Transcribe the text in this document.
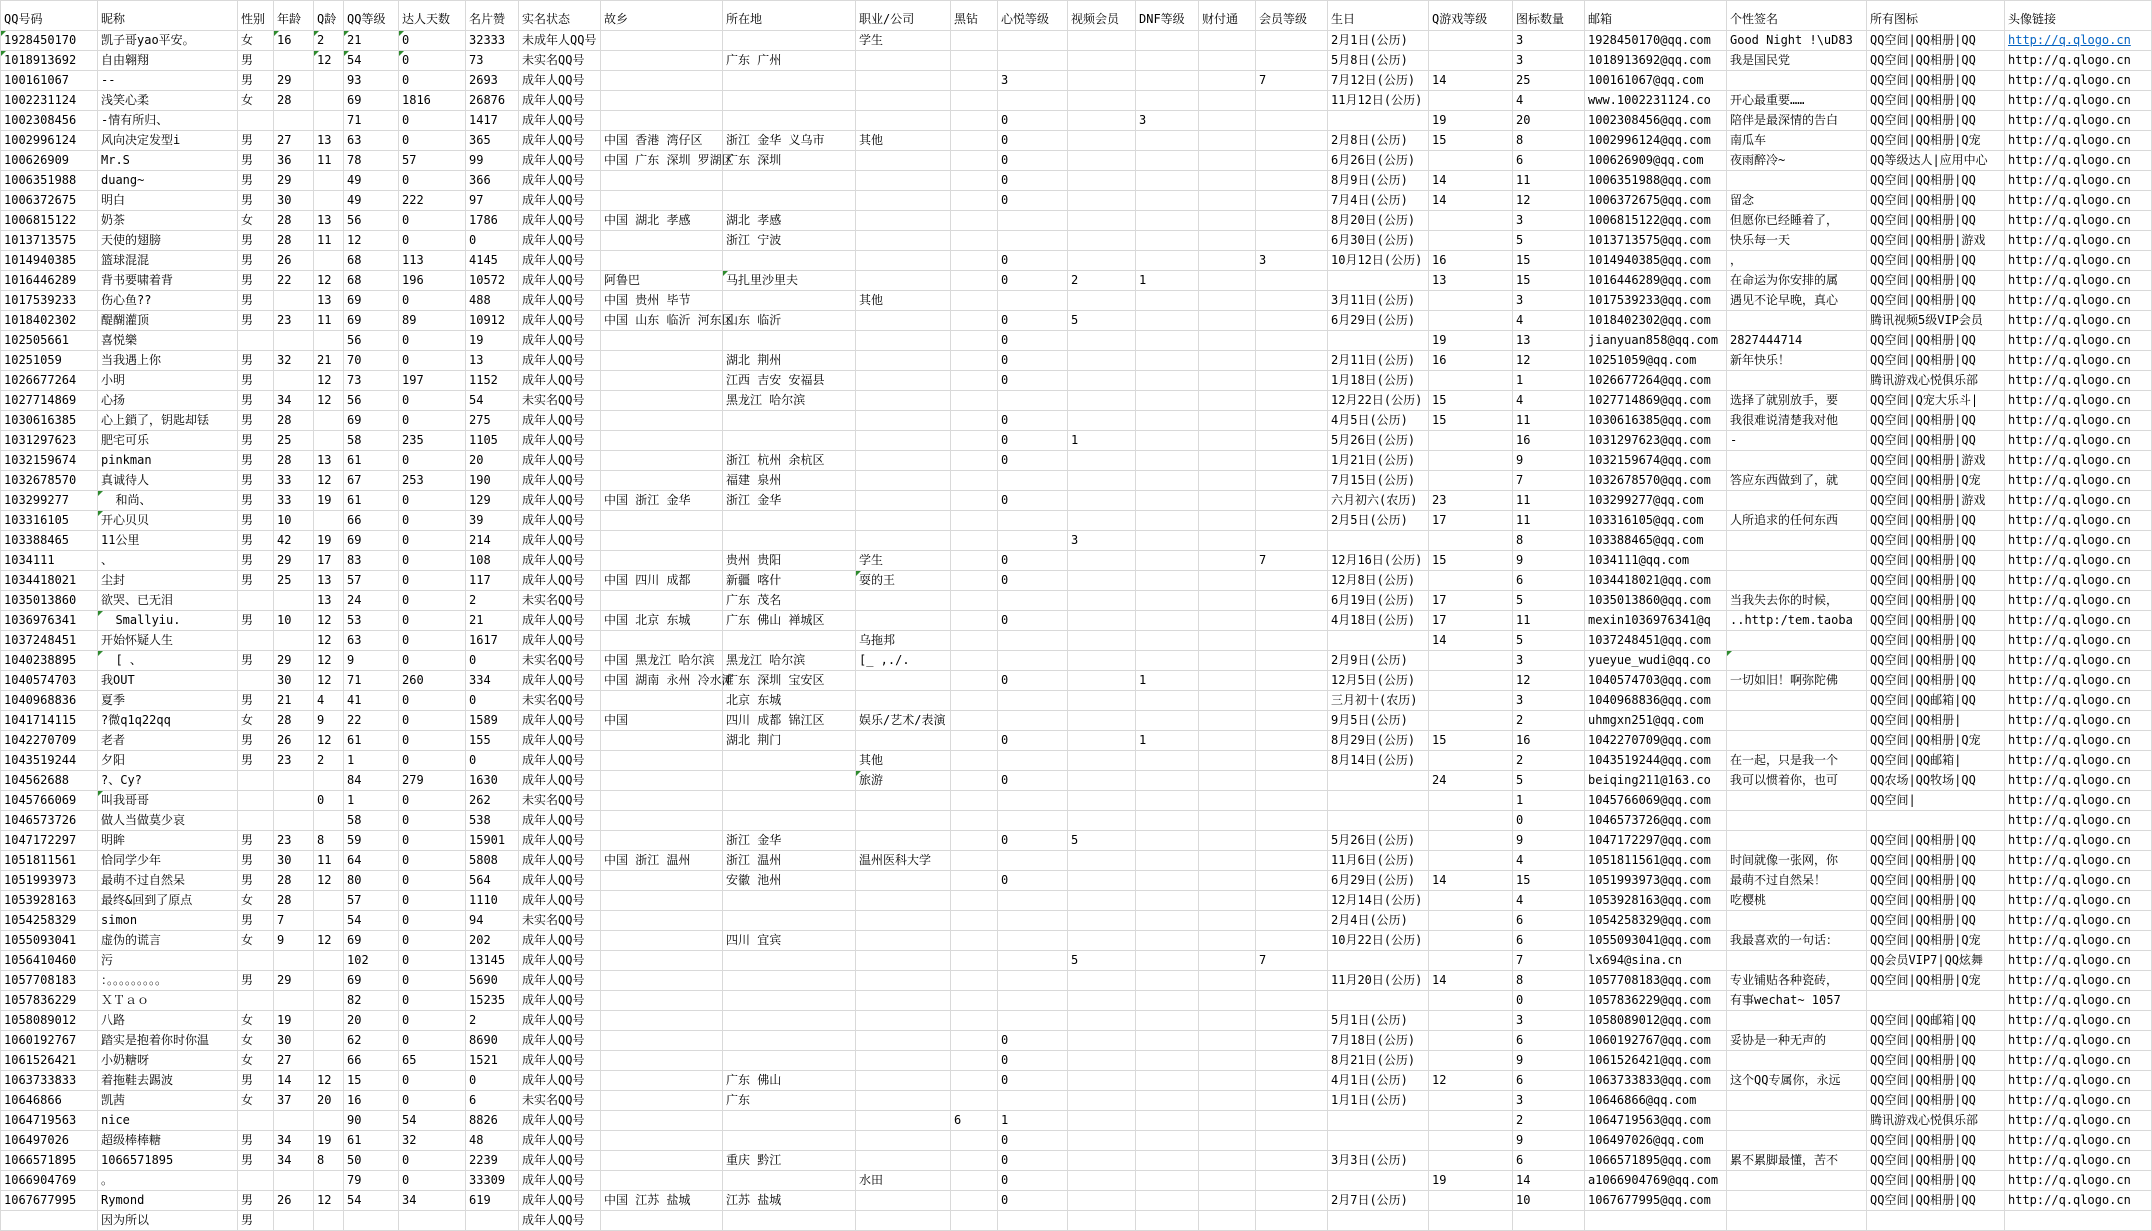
QQ号码	昵称	性别	年龄	Q龄	QQ等级	达人天数	名片赞	实名状态	故乡	所在地	职业/公司	黑钻	心悦等级	视频会员	DNF等级	财付通	会员等级	生日	Q游戏等级	图标数量	邮箱	个性签名	所有图标	头像链接
1928450170	凯子哥yao平安。	女	16	2	21	0	32333	未成年人QQ号			学生							2月1日(公历)		3	1928450170@qq.com	Good Night !\uD83	QQ空间|QQ相册|QQ	http://q.qlogo.cn
1018913692	自由翱翔	男		12	54	0	73	未实名QQ号		广东 广州								5月8日(公历)		3	1018913692@qq.com	我是国民党	QQ空间|QQ相册|QQ	http://q.qlogo.cn
100161067	--	男	29		93	0	2693	成年人QQ号					3				7	7月12日(公历)	14	25	100161067@qq.com		QQ空间|QQ相册|QQ	http://q.qlogo.cn
1002231124	浅笑心柔	女	28		69	1816	26876	成年人QQ号										11月12日(公历)		4	www.1002231124.co	开心最重要……	QQ空间|QQ相册|QQ	http://q.qlogo.cn
1002308456	-情有所归、				71	0	1417	成年人QQ号					0		3				19	20	1002308456@qq.com	陪伴是最深情的告白	QQ空间|QQ相册|QQ	http://q.qlogo.cn
1002996124	风向决定发型i	男	27	13	63	0	365	成年人QQ号	中国 香港 湾仔区	浙江 金华 义乌市	其他		0					2月8日(公历)	15	8	1002996124@qq.com	南瓜车	QQ空间|QQ相册|Q宠	http://q.qlogo.cn
100626909	Mr.S	男	36	11	78	57	99	成年人QQ号	中国 广东 深圳 罗湖区	广东 深圳			0					6月26日(公历)		6	100626909@qq.com	夜雨醉冷~	QQ等级达人|应用中心	http://q.qlogo.cn
1006351988	duang~	男	29		49	0	366	成年人QQ号					0					8月9日(公历)	14	11	1006351988@qq.com		QQ空间|QQ相册|QQ	http://q.qlogo.cn
1006372675	明白	男	30		49	222	97	成年人QQ号					0					7月4日(公历)	14	12	1006372675@qq.com	留念	QQ空间|QQ相册|QQ	http://q.qlogo.cn
1006815122	奶茶	女	28	13	56	0	1786	成年人QQ号	中国 湖北 孝感	湖北 孝感								8月20日(公历)		3	1006815122@qq.com	但愿你已经睡着了，	QQ空间|QQ相册|QQ	http://q.qlogo.cn
1013713575	天使的翅膀	男	28	11	12	0	0	成年人QQ号		浙江 宁波								6月30日(公历)		5	1013713575@qq.com	快乐每一天	QQ空间|QQ相册|游戏	http://q.qlogo.cn
1014940385	篮球混混	男	26		68	113	4145	成年人QQ号					0				3	10月12日(公历)	16	15	1014940385@qq.com	，	QQ空间|QQ相册|QQ	http://q.qlogo.cn
1016446289	背书要啸着背	男	22	12	68	196	10572	成年人QQ号	阿鲁巴	马扎里沙里夫			0	2	1				13	15	1016446289@qq.com	在命运为你安排的属	QQ空间|QQ相册|QQ	http://q.qlogo.cn
1017539233	伤心鱼??	男		13	69	0	488	成年人QQ号	中国 贵州 毕节		其他							3月11日(公历)		3	1017539233@qq.com	遇见不论早晚，真心	QQ空间|QQ相册|QQ	http://q.qlogo.cn
1018402302	醍醐灌顶	男	23	11	69	89	10912	成年人QQ号	中国 山东 临沂 河东区	山东 临沂			0	5				6月29日(公历)		4	1018402302@qq.com		腾讯视频5级VIP会员	http://q.qlogo.cn
102505661	喜悦樂				56	0	19	成年人QQ号					0						19	13	jianyuan858@qq.com	2827444714	QQ空间|QQ相册|QQ	http://q.qlogo.cn
10251059	当我遇上你	男	32	21	70	0	13	成年人QQ号		湖北 荆州			0					2月11日(公历)	16	12	10251059@qq.com	新年快乐！	QQ空间|QQ相册|QQ	http://q.qlogo.cn
1026677264	小明	男		12	73	197	1152	成年人QQ号		江西 吉安 安福县			0					1月18日(公历)		1	1026677264@qq.com		腾讯游戏心悦俱乐部	http://q.qlogo.cn
1027714869	心扬	男	34	12	56	0	54	未实名QQ号		黑龙江 哈尔滨								12月22日(公历)	15	4	1027714869@qq.com	选择了就别放手，要	QQ空间|Q宠大乐斗|	http://q.qlogo.cn
1030616385	心上鎖了，钥匙却铥	男	28		69	0	275	成年人QQ号					0					4月5日(公历)	15	11	1030616385@qq.com	我很难说清楚我对他	QQ空间|QQ相册|QQ	http://q.qlogo.cn
1031297623	肥宅可乐	男	25		58	235	1105	成年人QQ号					0	1				5月26日(公历)		16	1031297623@qq.com	-	QQ空间|QQ相册|QQ	http://q.qlogo.cn
1032159674	pinkman	男	28	13	61	0	20	成年人QQ号		浙江 杭州 余杭区			0					1月21日(公历)		9	1032159674@qq.com		QQ空间|QQ相册|游戏	http://q.qlogo.cn
1032678570	真诚待人	男	33	12	67	253	190	成年人QQ号		福建 泉州								7月15日(公历)		7	1032678570@qq.com	答应东西做到了，就	QQ空间|QQ相册|Q宠	http://q.qlogo.cn
103299277	和尚、	男	33	19	61	0	129	成年人QQ号	中国 浙江 金华	浙江 金华			0					六月初六(农历)	23	11	103299277@qq.com		QQ空间|QQ相册|游戏	http://q.qlogo.cn
103316105	开心贝贝	男	10		66	0	39	成年人QQ号										2月5日(公历)	17	11	103316105@qq.com	人所追求的任何东西	QQ空间|QQ相册|QQ	http://q.qlogo.cn
103388465	11公里	男	42	19	69	0	214	成年人QQ号						3						8	103388465@qq.com		QQ空间|QQ相册|QQ	http://q.qlogo.cn
1034111	、	男	29	17	83	0	108	成年人QQ号		贵州 贵阳	学生		0				7	12月16日(公历)	15	9	1034111@qq.com		QQ空间|QQ相册|QQ	http://q.qlogo.cn
1034418021	尘封	男	25	13	57	0	117	成年人QQ号	中国 四川 成都	新疆 喀什	耍的王		0					12月8日(公历)		6	1034418021@qq.com		QQ空间|QQ相册|QQ	http://q.qlogo.cn
1035013860	欲哭、已无泪			13	24	0	2	未实名QQ号		广东 茂名								6月19日(公历)	17	5	1035013860@qq.com	当我失去你的时候，	QQ空间|QQ相册|QQ	http://q.qlogo.cn
1036976341	Smallyiu.	男	10	12	53	0	21	成年人QQ号	中国 北京 东城	广东 佛山 禅城区			0					4月18日(公历)	17	11	mexin1036976341@q	..http:/tem.taoba	QQ空间|QQ相册|QQ	http://q.qlogo.cn
1037248451	开始怀疑人生			12	63	0	1617	成年人QQ号			乌拖邦								14	5	1037248451@qq.com		QQ空间|QQ相册|QQ	http://q.qlogo.cn
1040238895	[ 、	男	29	12	9	0	0	未实名QQ号	中国 黑龙江 哈尔滨	黑龙江 哈尔滨	[_ ,./.							2月9日(公历)		3	yueyue_wudi@qq.co		QQ空间|QQ相册|QQ	http://q.qlogo.cn
1040574703	我OUT		30	12	71	260	334	成年人QQ号	中国 湖南 永州 冷水滩	广东 深圳 宝安区			0		1			12月5日(公历)		12	1040574703@qq.com	一切如旧！啊弥陀佛	QQ空间|QQ相册|QQ	http://q.qlogo.cn
1040968836	夏季	男	21	4	41	0	0	未实名QQ号		北京 东城								三月初十(农历)		3	1040968836@qq.com		QQ空间|QQ邮箱|QQ	http://q.qlogo.cn
1041714115	?微q1q22qq	女	28	9	22	0	1589	成年人QQ号	中国	四川 成都 锦江区	娱乐/艺术/表演							9月5日(公历)		2	uhmgxn251@qq.com		QQ空间|QQ相册|	http://q.qlogo.cn
1042270709	老者	男	26	12	61	0	155	成年人QQ号		湖北 荆门			0		1			8月29日(公历)	15	16	1042270709@qq.com		QQ空间|QQ相册|Q宠	http://q.qlogo.cn
1043519244	夕阳	男	23	2	1	0	0	成年人QQ号			其他							8月14日(公历)		2	1043519244@qq.com	在一起，只是我一个	QQ空间|QQ邮箱|	http://q.qlogo.cn
104562688	?、Cy?				84	279	1630	成年人QQ号			旅游		0						24	5	beiqing211@163.co	我可以惯着你，也可	QQ农场|QQ牧场|QQ	http://q.qlogo.cn
1045766069	叫我哥哥			0	1	0	262	未实名QQ号												1	1045766069@qq.com		QQ空间|	http://q.qlogo.cn
1046573726	做人当做莫少哀				58	0	538	成年人QQ号												0	1046573726@qq.com			http://q.qlogo.cn
1047172297	明眸	男	23	8	59	0	15901	成年人QQ号		浙江 金华			0	5				5月26日(公历)		9	1047172297@qq.com		QQ空间|QQ相册|QQ	http://q.qlogo.cn
1051811561	恰同学少年	男	30	11	64	0	5808	成年人QQ号	中国 浙江 温州	浙江 温州	温州医科大学							11月6日(公历)		4	1051811561@qq.com	时间就像一张网，你	QQ空间|QQ相册|QQ	http://q.qlogo.cn
1051993973	最萌不过自然呆	男	28	12	80	0	564	成年人QQ号		安徽 池州			0					6月29日(公历)	14	15	1051993973@qq.com	最萌不过自然呆！	QQ空间|QQ相册|QQ	http://q.qlogo.cn
1053928163	最终&回到了原点	女	28		57	0	1110	成年人QQ号										12月14日(公历)		4	1053928163@qq.com	吃樱桃	QQ空间|QQ相册|QQ	http://q.qlogo.cn
1054258329	simon	男	7		54	0	94	未实名QQ号										2月4日(公历)		6	1054258329@qq.com		QQ空间|QQ相册|QQ	http://q.qlogo.cn
1055093041	虚伪的谎言	女	9	12	69	0	202	成年人QQ号		四川 宜宾								10月22日(公历)		6	1055093041@qq.com	我最喜欢的一句话：	QQ空间|QQ相册|Q宠	http://q.qlogo.cn
1056410460	污				102	0	13145	成年人QQ号						5			7			7	lx694@sina.cn		QQ会员VIP7|QQ炫舞	http://q.qlogo.cn
1057708183	：。。。。。。。。。	男	29		69	0	5690	成年人QQ号										11月20日(公历)	14	8	1057708183@qq.com	专业铺贴各种瓷砖，	QQ空间|QQ相册|Q宠	http://q.qlogo.cn
1057836229	ＸＴａｏ				82	0	15235	成年人QQ号												0	1057836229@qq.com	有事wechat~ 1057		http://q.qlogo.cn
1058089012	八路	女	19		20	0	2	成年人QQ号										5月1日(公历)		3	1058089012@qq.com		QQ空间|QQ邮箱|QQ	http://q.qlogo.cn
1060192767	踏实是抱着你时你温	女	30		62	0	8690	成年人QQ号					0					7月18日(公历)		6	1060192767@qq.com	妥协是一种无声的	QQ空间|QQ相册|QQ	http://q.qlogo.cn
1061526421	小奶糖呀	女	27		66	65	1521	成年人QQ号					0					8月21日(公历)		9	1061526421@qq.com		QQ空间|QQ相册|QQ	http://q.qlogo.cn
1063733833	着拖鞋去踢波	男	14	12	15	0	0	成年人QQ号		广东 佛山			0					4月1日(公历)	12	6	1063733833@qq.com	这个QQ专属你，永远	QQ空间|QQ相册|QQ	http://q.qlogo.cn
10646866	凯茜	女	37	20	16	0	6	未实名QQ号		广东								1月1日(公历)		3	10646866@qq.com		QQ空间|QQ相册|QQ	http://q.qlogo.cn
1064719563	nice				90	54	8826	成年人QQ号				6	1							2	1064719563@qq.com		腾讯游戏心悦俱乐部	http://q.qlogo.cn
106497026	超级棒棒糖	男	34	19	61	32	48	成年人QQ号					0							9	106497026@qq.com		QQ空间|QQ相册|QQ	http://q.qlogo.cn
1066571895	1066571895	男	34	8	50	0	2239	成年人QQ号		重庆 黔江			0					3月3日(公历)		6	1066571895@qq.com	累不累脚最懂，苦不	QQ空间|QQ相册|QQ	http://q.qlogo.cn
1066904769	。				79	0	33309	成年人QQ号			水田		0						19	14	a1066904769@qq.com		QQ空间|QQ相册|QQ	http://q.qlogo.cn
1067677995	Rymond	男	26	12	54	34	619	成年人QQ号	中国 江苏 盐城	江苏 盐城			0					2月7日(公历)		10	1067677995@qq.com		QQ空间|QQ相册|QQ	http://q.qlogo.cn
	因为所以	男						成年人QQ号																
